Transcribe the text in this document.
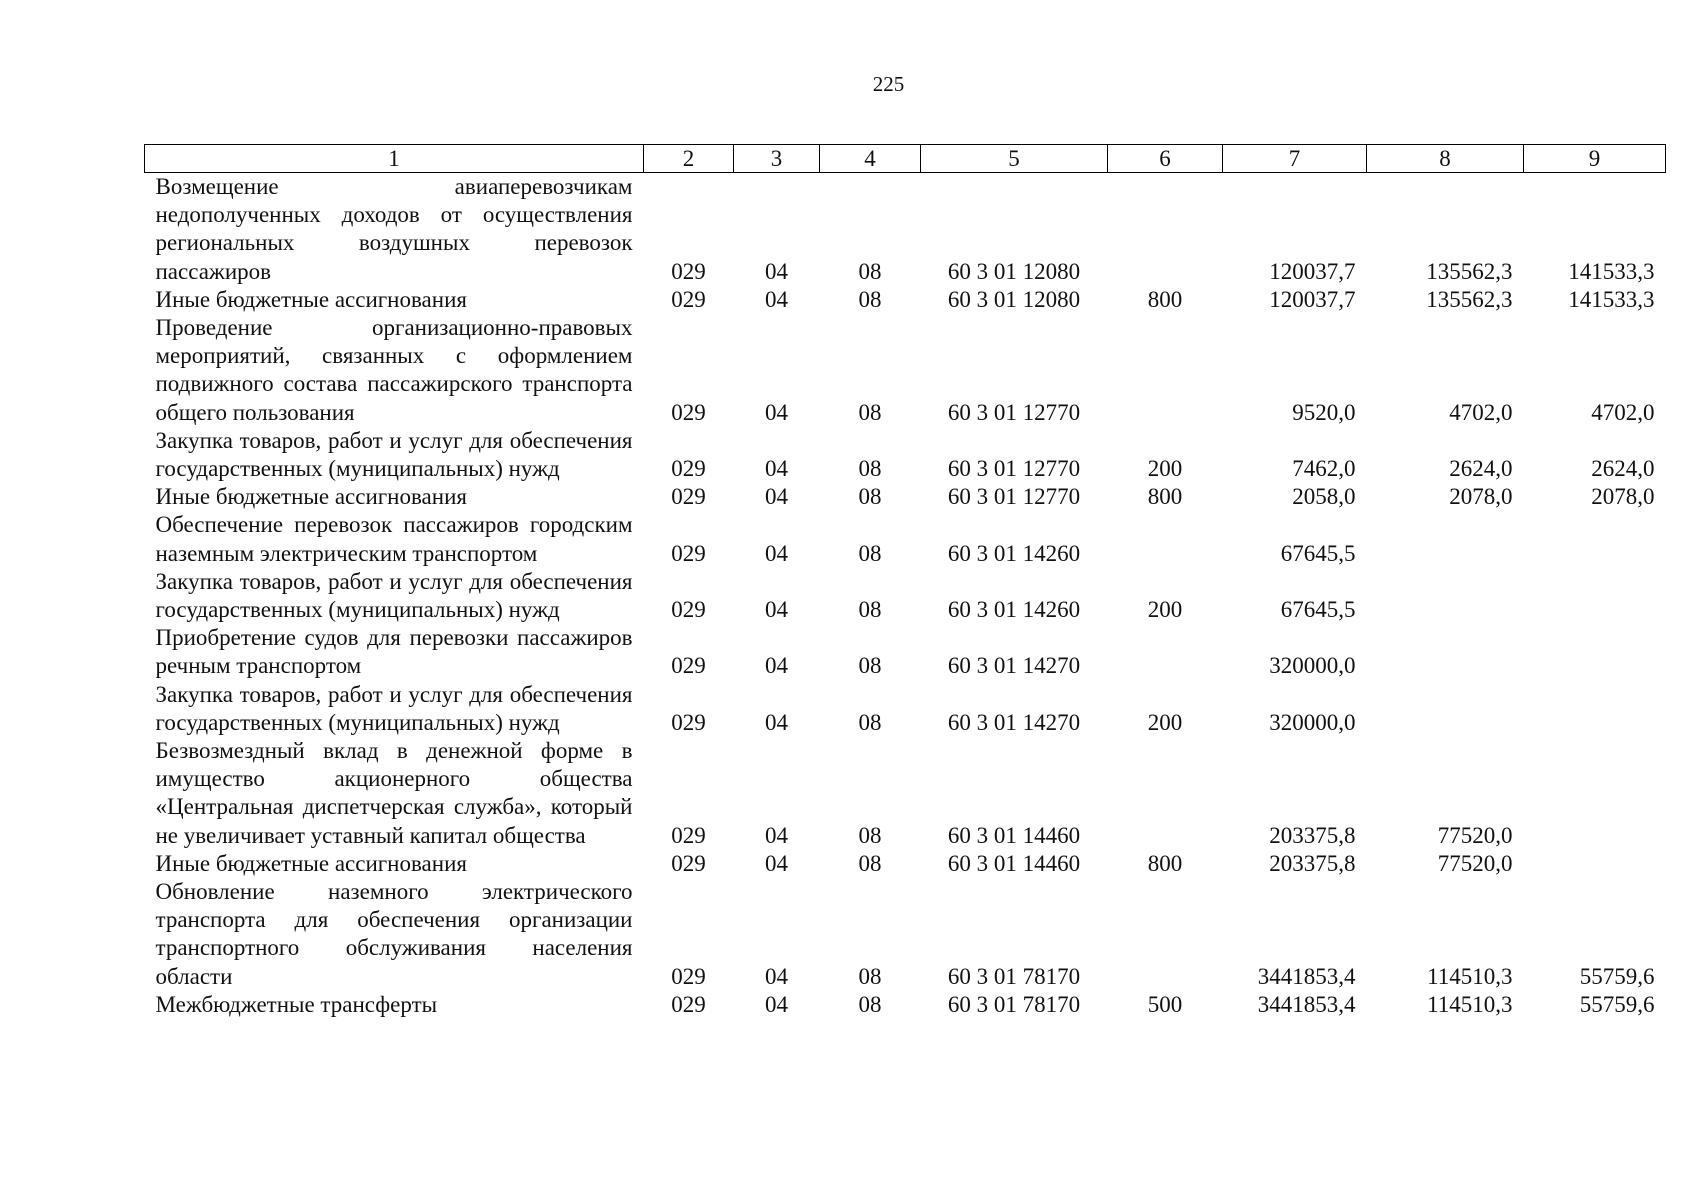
225
1	2	3	4	5	6	7	8	9
Возмещение авиаперевозчикам недополученных доходов от осуществления региональных воздушных перевозок пассажиров	029	04	08	60 3 01 12080		120037,7	135562,3	141533,3
Иные бюджетные ассигнования	029	04	08	60 3 01 12080	800	120037,7	135562,3	141533,3
Проведение организационно-правовых мероприятий, связанных с оформлением подвижного состава пассажирского транспорта общего пользования	029	04	08	60 3 01 12770		9520,0	4702,0	4702,0
Закупка товаров, работ и услуг для обеспечения государственных (муниципальных) нужд	029	04	08	60 3 01 12770	200	7462,0	2624,0	2624,0
Иные бюджетные ассигнования	029	04	08	60 3 01 12770	800	2058,0	2078,0	2078,0
Обеспечение перевозок пассажиров городским наземным электрическим транспортом	029	04	08	60 3 01 14260		67645,5		
Закупка товаров, работ и услуг для обеспечения государственных (муниципальных) нужд	029	04	08	60 3 01 14260	200	67645,5		
Приобретение судов для перевозки пассажиров речным транспортом	029	04	08	60 3 01 14270		320000,0		
Закупка товаров, работ и услуг для обеспечения государственных (муниципальных) нужд	029	04	08	60 3 01 14270	200	320000,0		
Безвозмездный вклад в денежной форме в имущество акционерного общества «Центральная диспетчерская служба», который не увеличивает уставный капитал общества	029	04	08	60 3 01 14460		203375,8	77520,0	
Иные бюджетные ассигнования	029	04	08	60 3 01 14460	800	203375,8	77520,0	
Обновление наземного электрического транспорта для обеспечения организации транспортного обслуживания населения области	029	04	08	60 3 01 78170		3441853,4	114510,3	55759,6
Межбюджетные трансферты	029	04	08	60 3 01 78170	500	3441853,4	114510,3	55759,6
